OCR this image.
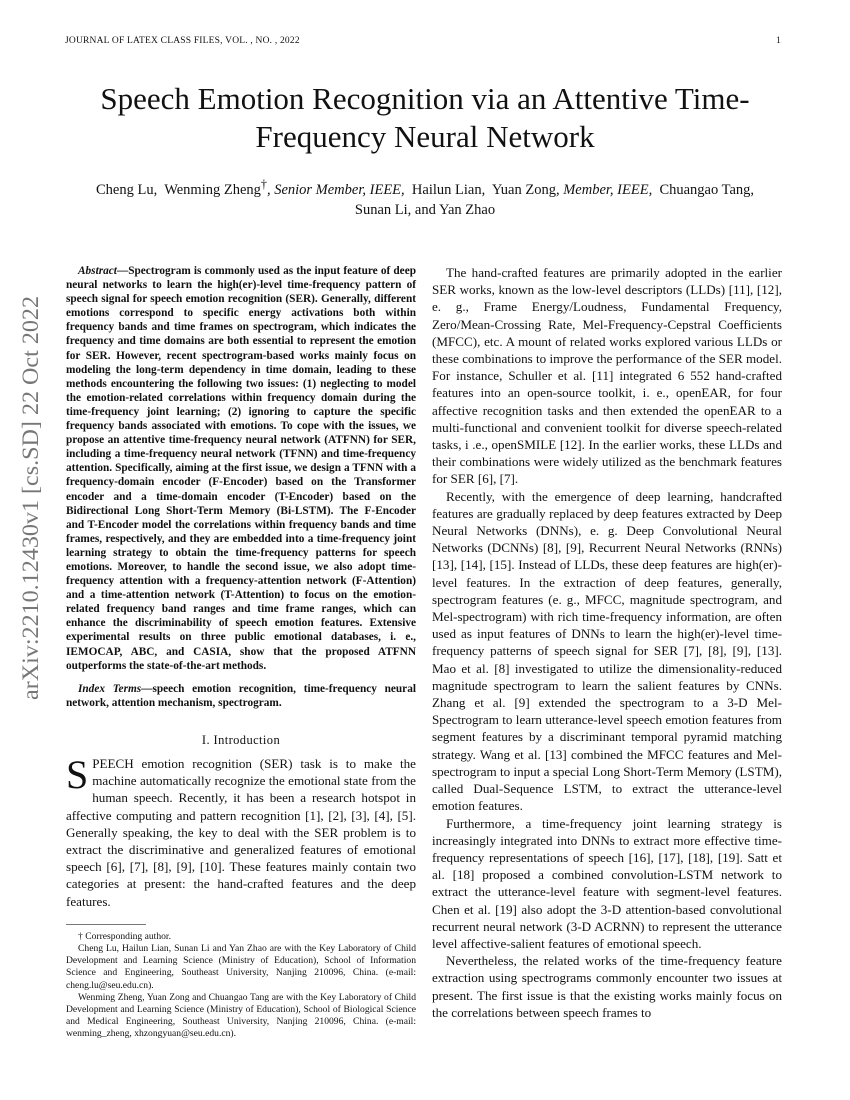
JOURNAL OF LATEX CLASS FILES, VOL. , NO. , 2022	1
arXiv:2210.12430v1 [cs.SD] 22 Oct 2022
Speech Emotion Recognition via an Attentive Time-Frequency Neural Network
Cheng Lu, Wenming Zheng†, Senior Member, IEEE, Hailun Lian, Yuan Zong, Member, IEEE, Chuangao Tang,
Sunan Li, and Yan Zhao

Abstract—Spectrogram is commonly used as the input feature of deep neural networks to learn the high(er)-level time-frequency pattern of speech signal for speech emotion recognition (SER). Generally, different emotions correspond to specific energy activations both within frequency bands and time frames on spectrogram, which indicates the frequency and time domains are both essential to represent the emotion for SER. However, recent spectrogram-based works mainly focus on modeling the long-term dependency in time domain, leading to these methods encountering the following two issues: (1) neglecting to model the emotion-related correlations within frequency domain during the time-frequency joint learning; (2) ignoring to capture the specific frequency bands associated with emotions. To cope with the issues, we propose an attentive time-frequency neural network (ATFNN) for SER, including a time-frequency neural network (TFNN) and time-frequency attention. Specifically, aiming at the first issue, we design a TFNN with a frequency-domain encoder (F-Encoder) based on the Transformer encoder and a time-domain encoder (T-Encoder) based on the Bidirectional Long Short-Term Memory (Bi-LSTM). The F-Encoder and T-Encoder model the correlations within frequency bands and time frames, respectively, and they are embedded into a time-frequency joint learning strategy to obtain the time-frequency patterns for speech emotions. Moreover, to handle the second issue, we also adopt time-frequency attention with a frequency-attention network (F-Attention) and a time-attention network (T-Attention) to focus on the emotion-related frequency band ranges and time frame ranges, which can enhance the discriminability of speech emotion features. Extensive experimental results on three public emotional databases, i. e., IEMOCAP, ABC, and CASIA, show that the proposed ATFNN outperforms the state-of-the-art methods.

Index Terms—speech emotion recognition, time-frequency neural network, attention mechanism, spectrogram.

I. Introduction

SPEECH emotion recognition (SER) task is to make the machine automatically recognize the emotional state from the human speech. Recently, it has been a research hotspot in affective computing and pattern recognition [1], [2], [3], [4], [5]. Generally speaking, the key to deal with the SER problem is to extract the discriminative and generalized features of emotional speech [6], [7], [8], [9], [10]. These features mainly contain two categories at present: the hand-crafted features and the deep features.

† Corresponding author.

Cheng Lu, Hailun Lian, Sunan Li and Yan Zhao are with the Key Laboratory of Child Development and Learning Science (Ministry of Education), School of Information Science and Engineering, Southeast University, Nanjing 210096, China. (e-mail: cheng.lu@seu.edu.cn).

Wenming Zheng, Yuan Zong and Chuangao Tang are with the Key Laboratory of Child Development and Learning Science (Ministry of Education), School of Biological Science and Medical Engineering, Southeast University, Nanjing 210096, China. (e-mail: wenming_zheng, xhzongyuan@seu.edu.cn).

The hand-crafted features are primarily adopted in the earlier SER works, known as the low-level descriptors (LLDs) [11], [12], e. g., Frame Energy/Loudness, Fundamental Frequency, Zero/Mean-Crossing Rate, Mel-Frequency-Cepstral Coefficients (MFCC), etc. A mount of related works explored various LLDs or these combinations to improve the performance of the SER model. For instance, Schuller et al. [11] integrated 6 552 hand-crafted features into an open-source toolkit, i. e., openEAR, for four affective recognition tasks and then extended the openEAR to a multi-functional and convenient toolkit for diverse speech-related tasks, i .e., openSMILE [12]. In the earlier works, these LLDs and their combinations were widely utilized as the benchmark features for SER [6], [7].

Recently, with the emergence of deep learning, handcrafted features are gradually replaced by deep features extracted by Deep Neural Networks (DNNs), e. g. Deep Convolutional Neural Networks (DCNNs) [8], [9], Recurrent Neural Networks (RNNs) [13], [14], [15]. Instead of LLDs, these deep features are high(er)-level features. In the extraction of deep features, generally, spectrogram features (e. g., MFCC, magnitude spectrogram, and Mel-spectrogram) with rich time-frequency information, are often used as input features of DNNs to learn the high(er)-level time-frequency patterns of speech signal for SER [7], [8], [9], [13]. Mao et al. [8] investigated to utilize the dimensionality-reduced magnitude spectrogram to learn the salient features by CNNs. Zhang et al. [9] extended the spectrogram to a 3-D Mel-Spectrogram to learn utterance-level speech emotion features from segment features by a discriminant temporal pyramid matching strategy. Wang et al. [13] combined the MFCC features and Mel-spectrogram to input a special Long Short-Term Memory (LSTM), called Dual-Sequence LSTM, to extract the utterance-level emotion features.

Furthermore, a time-frequency joint learning strategy is increasingly integrated into DNNs to extract more effective time-frequency representations of speech [16], [17], [18], [19]. Satt et al. [18] proposed a combined convolution-LSTM network to extract the utterance-level feature with segment-level features. Chen et al. [19] also adopt the 3-D attention-based convolutional recurrent neural network (3-D ACRNN) to represent the utterance level affective-salient features of emotional speech.

Nevertheless, the related works of the time-frequency feature extraction using spectrograms commonly encounter two issues at present. The first issue is that the existing works mainly focus on the correlations between speech frames to
